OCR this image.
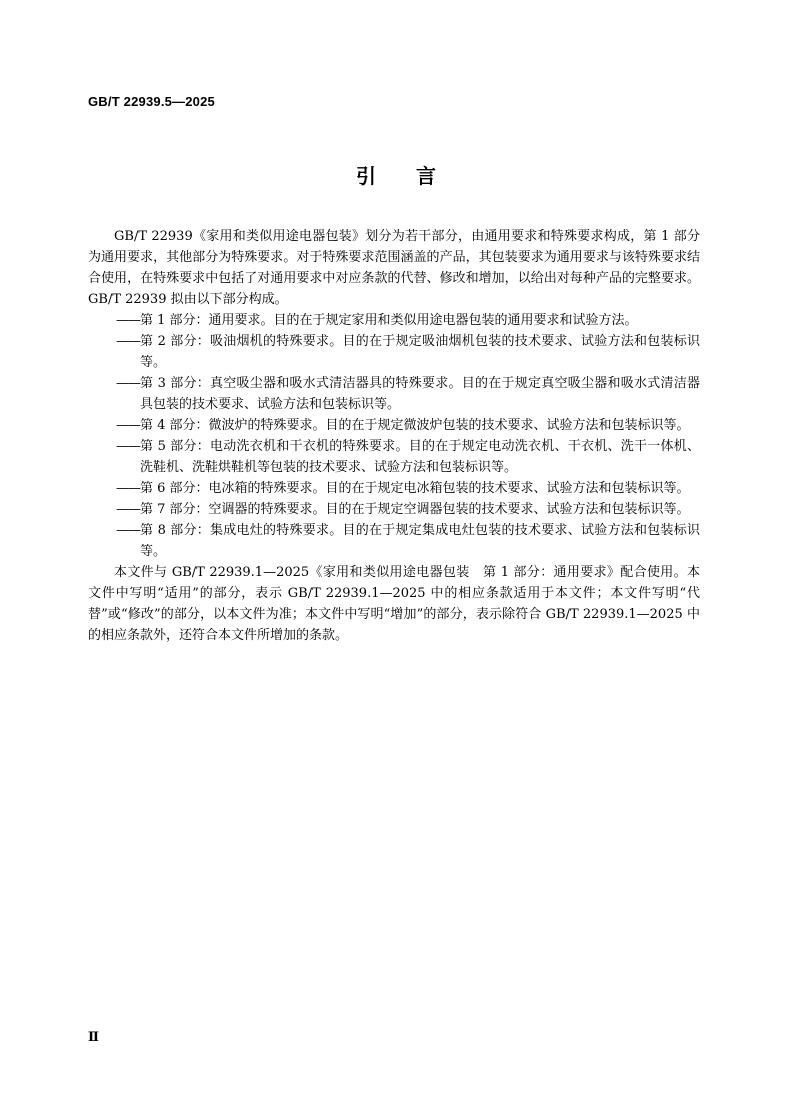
GB/T 22939.5—2025
引 言

GB/T 22939《家用和类似用途电器包装》划分为若干部分，由通用要求和特殊要求构成，第 1 部分为通用要求，其他部分为特殊要求。对于特殊要求范围涵盖的产品，其包装要求为通用要求与该特殊要求结合使用，在特殊要求中包括了对通用要求中对应条款的代替、修改和增加，以给出对每种产品的完整要求。GB/T 22939 拟由以下部分构成。

—— 第 1 部分：通用要求。目的在于规定家用和类似用途电器包装的通用要求和试验方法。
—— 第 2 部分：吸油烟机的特殊要求。目的在于规定吸油烟机包装的技术要求、试验方法和包装标识等。
—— 第 3 部分：真空吸尘器和吸水式清洁器具的特殊要求。目的在于规定真空吸尘器和吸水式清洁器具包装的技术要求、试验方法和包装标识等。
—— 第 4 部分：微波炉的特殊要求。目的在于规定微波炉包装的技术要求、试验方法和包装标识等。
—— 第 5 部分：电动洗衣机和干衣机的特殊要求。目的在于规定电动洗衣机、干衣机、洗干一体机、洗鞋机、洗鞋烘鞋机等包装的技术要求、试验方法和包装标识等。
—— 第 6 部分：电冰箱的特殊要求。目的在于规定电冰箱包装的技术要求、试验方法和包装标识等。
—— 第 7 部分：空调器的特殊要求。目的在于规定空调器包装的技术要求、试验方法和包装标识等。
—— 第 8 部分：集成电灶的特殊要求。目的在于规定集成电灶包装的技术要求、试验方法和包装标识等。

本文件与 GB/T 22939.1—2025《家用和类似用途电器包装　第 1 部分：通用要求》配合使用。本文件中写明“适用”的部分，表示 GB/T 22939.1—2025 中的相应条款适用于本文件；本文件写明“代替”或“修改”的部分，以本文件为准；本文件中写明“增加”的部分，表示除符合 GB/T 22939.1—2025 中的相应条款外，还符合本文件所增加的条款。

Ⅱ
